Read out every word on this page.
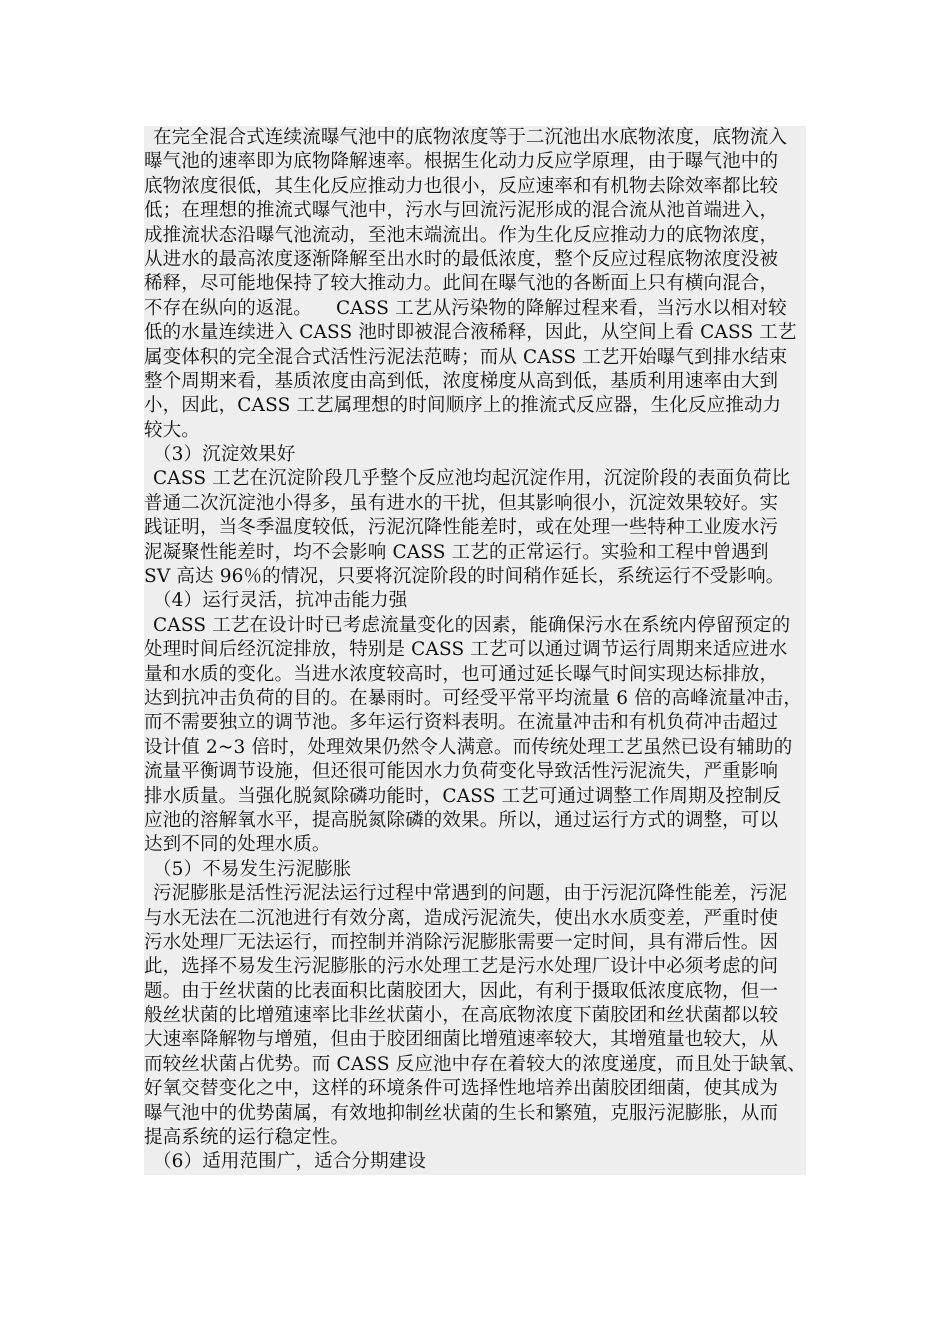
在完全混合式连续流曝气池中的底物浓度等于二沉池出水底物浓度，底物流入
曝气池的速率即为底物降解速率。根据生化动力反应学原理，由于曝气池中的
底物浓度很低，其生化反应推动力也很小，反应速率和有机物去除效率都比较
低；在理想的推流式曝气池中，污水与回流污泥形成的混合流从池首端进入，
成推流状态沿曝气池流动，至池末端流出。作为生化反应推动力的底物浓度，
从进水的最高浓度逐渐降解至出水时的最低浓度，整个反应过程底物浓度没被
稀释，尽可能地保持了较大推动力。此间在曝气池的各断面上只有横向混合，
不存在纵向的返混。    CASS 工艺从污染物的降解过程来看，当污水以相对较
低的水量连续进入 CASS 池时即被混合液稀释，因此，从空间上看 CASS 工艺
属变体积的完全混合式活性污泥法范畴；而从 CASS 工艺开始曝气到排水结束
整个周期来看，基质浓度由高到低，浓度梯度从高到低，基质利用速率由大到
小，因此，CASS 工艺属理想的时间顺序上的推流式反应器，生化反应推动力
较大。
（3）沉淀效果好
CASS 工艺在沉淀阶段几乎整个反应池均起沉淀作用，沉淀阶段的表面负荷比
普通二次沉淀池小得多，虽有进水的干扰，但其影响很小，沉淀效果较好。实
践证明，当冬季温度较低，污泥沉降性能差时，或在处理一些特种工业废水污
泥凝聚性能差时，均不会影响 CASS 工艺的正常运行。实验和工程中曾遇到
SV 高达 96％的情况，只要将沉淀阶段的时间稍作延长，系统运行不受影响。
（4）运行灵活，抗冲击能力强
CASS 工艺在设计时已考虑流量变化的因素，能确保污水在系统内停留预定的
处理时间后经沉淀排放，特别是 CASS 工艺可以通过调节运行周期来适应进水
量和水质的变化。当进水浓度较高时，也可通过延长曝气时间实现达标排放，
达到抗冲击负荷的目的。在暴雨时。可经受平常平均流量 6 倍的高峰流量冲击，
而不需要独立的调节池。多年运行资料表明。在流量冲击和有机负荷冲击超过
设计值 2~3 倍时，处理效果仍然令人满意。而传统处理工艺虽然已设有辅助的
流量平衡调节设施，但还很可能因水力负荷变化导致活性污泥流失，严重影响
排水质量。当强化脱氮除磷功能时，CASS 工艺可通过调整工作周期及控制反
应池的溶解氧水平，提高脱氮除磷的效果。所以，通过运行方式的调整，可以
达到不同的处理水质。
（5）不易发生污泥膨胀
污泥膨胀是活性污泥法运行过程中常遇到的问题，由于污泥沉降性能差，污泥
与水无法在二沉池进行有效分离，造成污泥流失，使出水水质变差，严重时使
污水处理厂无法运行，而控制并消除污泥膨胀需要一定时间，具有滞后性。因
此，选择不易发生污泥膨胀的污水处理工艺是污水处理厂设计中必须考虑的问
题。由于丝状菌的比表面积比菌胶团大，因此，有利于摄取低浓度底物，但一
般丝状菌的比增殖速率比非丝状菌小，在高底物浓度下菌胶团和丝状菌都以较
大速率降解物与增殖，但由于胶团细菌比增殖速率较大，其增殖量也较大，从
而较丝状菌占优势。而 CASS 反应池中存在着较大的浓度递度，而且处于缺氧、
好氧交替变化之中，这样的环境条件可选择性地培养出菌胶团细菌，使其成为
曝气池中的优势菌属，有效地抑制丝状菌的生长和繁殖，克服污泥膨胀，从而
提高系统的运行稳定性。
（6）适用范围广，适合分期建设
